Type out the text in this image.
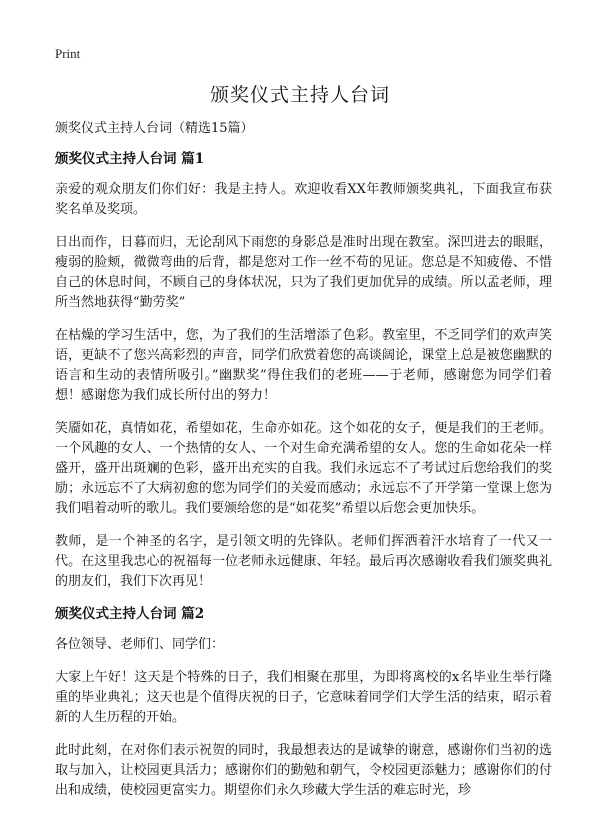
Print
颁奖仪式主持人台词

颁奖仪式主持人台词（精选15篇）

颁奖仪式主持人台词 篇1

亲爱的观众朋友们你们好：我是主持人。欢迎收看XX年教师颁奖典礼，下面我宣布获奖名单及奖项。

日出而作，日暮而归，无论刮风下雨您的身影总是准时出现在教室。深凹进去的眼眶，瘦弱的脸颊，微微弯曲的后背，都是您对工作一丝不苟的见证。您总是不知疲倦、不惜自己的休息时间，不顾自己的身体状况，只为了我们更加优异的成绩。所以孟老师，理所当然地获得“勤劳奖”

在枯燥的学习生活中，您，为了我们的生活增添了色彩。教室里，不乏同学们的欢声笑语，更缺不了您兴高彩烈的声音，同学们欣赏着您的高谈阔论，课堂上总是被您幽默的语言和生动的表情所吸引。”幽默奖”得住我们的老班——于老师，感谢您为同学们着想！感谢您为我们成长所付出的努力！

笑靥如花，真情如花，希望如花，生命亦如花。这个如花的女子，便是我们的王老师。一个风趣的女人、一个热情的女人、一个对生命充满希望的女人。您的生命如花朵一样盛开，盛开出斑斓的色彩，盛开出充实的自我。我们永远忘不了考试过后您给我们的奖励；永远忘不了大病初愈的您为同学们的关爱而感动；永远忘不了开学第一堂课上您为我们唱着动听的歌儿。我们要颁给您的是“如花奖”希望以后您会更加快乐。

教师，是一个神圣的名字，是引领文明的先锋队。老师们挥洒着汗水培育了一代又一代。在这里我忠心的祝福每一位老师永远健康、年轻。最后再次感谢收看我们颁奖典礼的朋友们，我们下次再见！

颁奖仪式主持人台词 篇2

各位领导、老师们、同学们：

大家上午好！这天是个特殊的日子，我们相聚在那里，为即将离校的x名毕业生举行隆重的毕业典礼；这天也是个值得庆祝的日子，它意味着同学们大学生活的结束，昭示着新的人生历程的开始。

此时此刻，在对你们表示祝贺的同时，我最想表达的是诚挚的谢意，感谢你们当初的选取与加入，让校园更具活力；感谢你们的勤勉和朝气，令校园更添魅力；感谢你们的付出和成绩，使校园更富实力。期望你们永久珍藏大学生活的难忘时光，珍
